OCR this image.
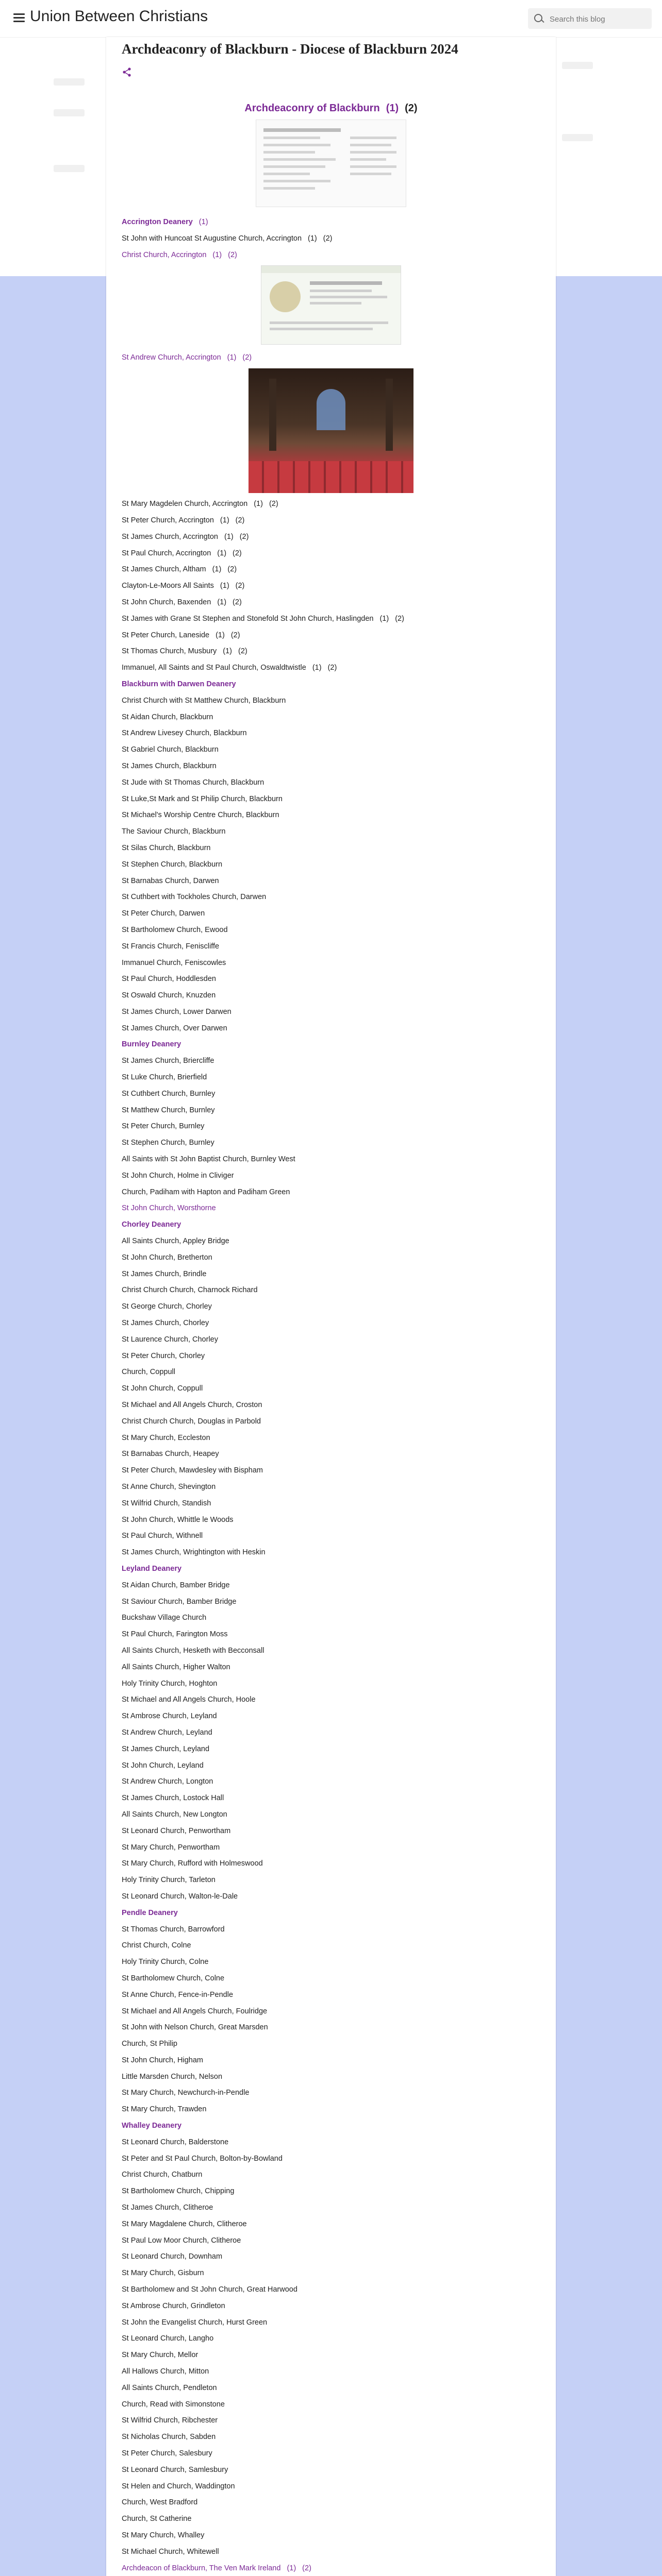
Union Between Christians
Search this blog
Archdeaconry of Blackburn - Diocese of Blackburn 2024
Archdeaconry of Blackburn (1) (2)
Accrington Deanery (1)
St John with Huncoat St Augustine Church, Accrington (1) (2)
Christ Church, Accrington (1) (2)
St Andrew Church, Accrington (1) (2)
St Mary Magdelen Church, Accrington (1) (2)
St Peter Church, Accrington (1) (2)
St James Church, Accrington (1) (2)
St Paul Church, Accrington (1) (2)
St James Church, Altham (1) (2)
Clayton-Le-Moors All Saints (1) (2)
St John Church, Baxenden (1) (2)
St James with Grane St Stephen and Stonefold St John Church, Haslingden (1) (2)
St Peter Church, Laneside (1) (2)
St Thomas Church, Musbury (1) (2)
Immanuel, All Saints and St Paul Church, Oswaldtwistle (1) (2)
Blackburn with Darwen Deanery
Christ Church with St Matthew Church, Blackburn
St Aidan Church, Blackburn
St Andrew Livesey Church, Blackburn
St Gabriel Church, Blackburn
St James Church, Blackburn
St Jude with St Thomas Church, Blackburn
St Luke,St Mark and St Philip Church, Blackburn
St Michael's Worship Centre Church, Blackburn
The Saviour Church, Blackburn
St Silas Church, Blackburn
St Stephen Church, Blackburn
St Barnabas Church, Darwen
St Cuthbert with Tockholes Church, Darwen
St Peter Church, Darwen
St Bartholomew Church, Ewood
St Francis Church, Feniscliffe
Immanuel Church, Feniscowles
St Paul Church, Hoddlesden
St Oswald Church, Knuzden
St James Church, Lower Darwen
St James Church, Over Darwen
Burnley Deanery
St James Church, Briercliffe
St Luke Church, Brierfield
St Cuthbert Church, Burnley
St Matthew Church, Burnley
St Peter Church, Burnley
St Stephen Church, Burnley
All Saints with St John Baptist Church, Burnley West
St John Church, Holme in Cliviger
Church, Padiham with Hapton and Padiham Green
St John Church, Worsthorne
Chorley Deanery
All Saints Church, Appley Bridge
St John Church, Bretherton
St James Church, Brindle
Christ Church Church, Charnock Richard
St George Church, Chorley
St James Church, Chorley
St Laurence Church, Chorley
St Peter Church, Chorley
Church, Coppull
St John Church, Coppull
St Michael and All Angels Church, Croston
Christ Church Church, Douglas in Parbold
St Mary Church, Eccleston
St Barnabas Church, Heapey
St Peter Church, Mawdesley with Bispham
St Anne Church, Shevington
St Wilfrid Church, Standish
St John Church, Whittle le Woods
St Paul Church, Withnell
St James Church, Wrightington with Heskin
Leyland Deanery
St Aidan Church, Bamber Bridge
St Saviour Church, Bamber Bridge
Buckshaw Village Church
St Paul Church, Farington Moss
All Saints Church, Hesketh with Becconsall
All Saints Church, Higher Walton
Holy Trinity Church, Hoghton
St Michael and All Angels Church, Hoole
St Ambrose Church, Leyland
St Andrew Church, Leyland
St James Church, Leyland
St John Church, Leyland
St Andrew Church, Longton
St James Church, Lostock Hall
All Saints Church, New Longton
St Leonard Church, Penwortham
St Mary Church, Penwortham
St Mary Church, Rufford with Holmeswood
Holy Trinity Church, Tarleton
St Leonard Church, Walton-le-Dale
Pendle Deanery
St Thomas Church, Barrowford
Christ Church, Colne
Holy Trinity Church, Colne
St Bartholomew Church, Colne
St Anne Church, Fence-in-Pendle
St Michael and All Angels Church, Foulridge
St John with Nelson Church, Great Marsden
Church, St Philip
St John Church, Higham
Little Marsden Church, Nelson
St Mary Church, Newchurch-in-Pendle
St Mary Church, Trawden
Whalley Deanery
St Leonard Church, Balderstone
St Peter and St Paul Church, Bolton-by-Bowland
Christ Church, Chatburn
St Bartholomew Church, Chipping
St James Church, Clitheroe
St Mary Magdalene Church, Clitheroe
St Paul Low Moor Church, Clitheroe
St Leonard Church, Downham
St Mary Church, Gisburn
St Bartholomew and St John Church, Great Harwood
St Ambrose Church, Grindleton
St John the Evangelist Church, Hurst Green
St Leonard Church, Langho
St Mary Church, Mellor
All Hallows Church, Mitton
All Saints Church, Pendleton
Church, Read with Simonstone
St Wilfrid Church, Ribchester
St Nicholas Church, Sabden
St Peter Church, Salesbury
St Leonard Church, Samlesbury
St Helen and Church, Waddington
Church, West Bradford
Church, St Catherine
St Mary Church, Whalley
St Michael Church, Whitewell
Archdeacon of Blackburn, The Ven Mark Ireland (1) (2)
